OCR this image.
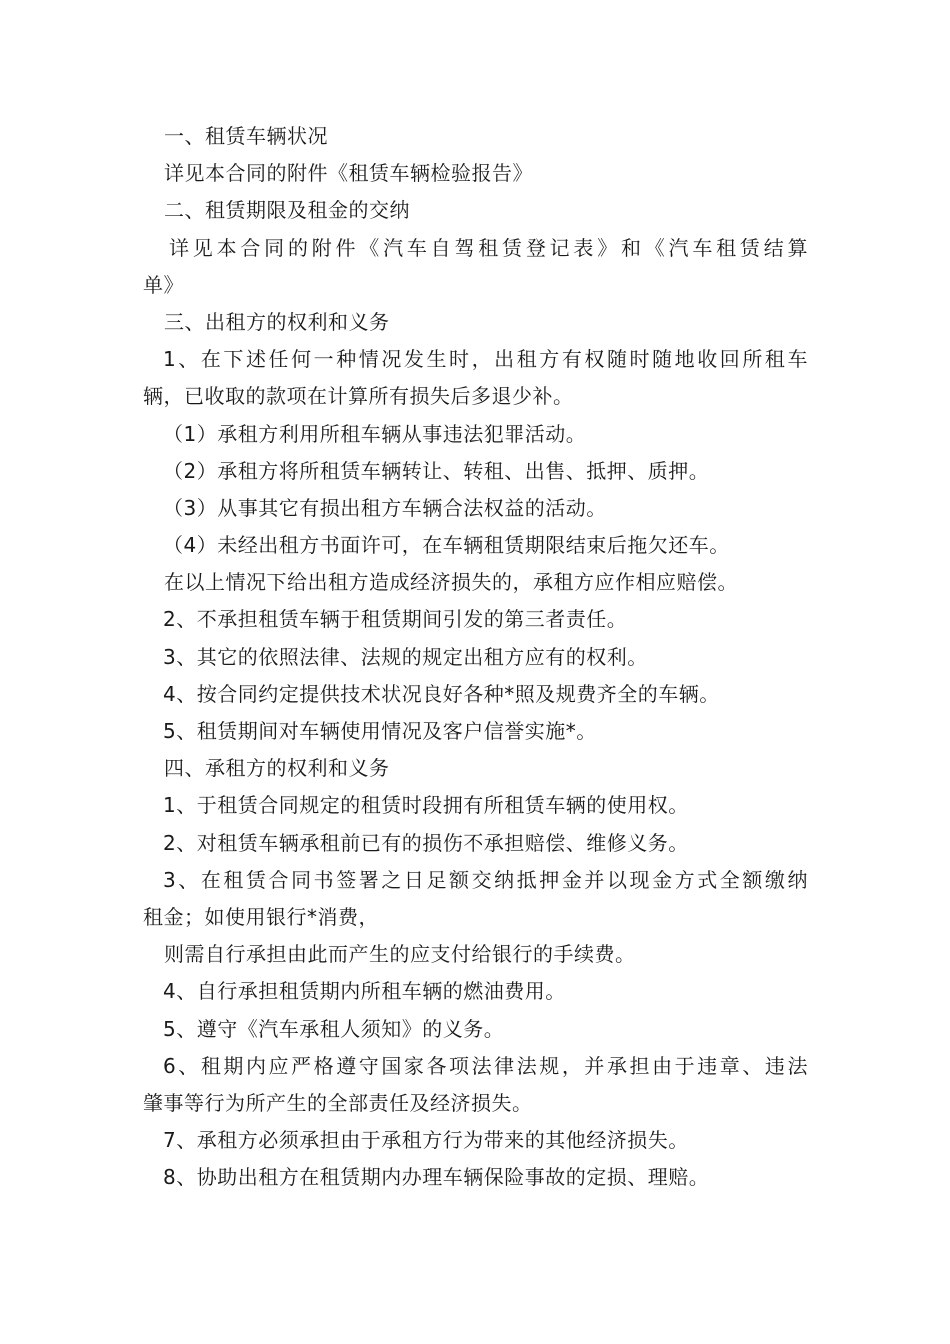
一、租赁车辆状况
详见本合同的附件《租赁车辆检验报告》
二、租赁期限及租金的交纳
详见本合同的附件《汽车自驾租赁登记表》和《汽车租赁结算
单》
三、出租方的权利和义务
1、在下述任何一种情况发生时，出租方有权随时随地收回所租车
辆，已收取的款项在计算所有损失后多退少补。
（1）承租方利用所租车辆从事违法犯罪活动。
（2）承租方将所租赁车辆转让、转租、出售、抵押、质押。
（3）从事其它有损出租方车辆合法权益的活动。
（4）未经出租方书面许可，在车辆租赁期限结束后拖欠还车。
在以上情况下给出租方造成经济损失的，承租方应作相应赔偿。
2、不承担租赁车辆于租赁期间引发的第三者责任。
3、其它的依照法律、法规的规定出租方应有的权利。
4、按合同约定提供技术状况良好各种*照及规费齐全的车辆。
5、租赁期间对车辆使用情况及客户信誉实施*。
四、承租方的权利和义务
1、于租赁合同规定的租赁时段拥有所租赁车辆的使用权。
2、对租赁车辆承租前已有的损伤不承担赔偿、维修义务。
3、在租赁合同书签署之日足额交纳抵押金并以现金方式全额缴纳
租金；如使用银行*消费，
则需自行承担由此而产生的应支付给银行的手续费。
4、自行承担租赁期内所租车辆的燃油费用。
5、遵守《汽车承租人须知》的义务。
6、租期内应严格遵守国家各项法律法规，并承担由于违章、违法
肇事等行为所产生的全部责任及经济损失。
7、承租方必须承担由于承租方行为带来的其他经济损失。
8、协助出租方在租赁期内办理车辆保险事故的定损、理赔。
